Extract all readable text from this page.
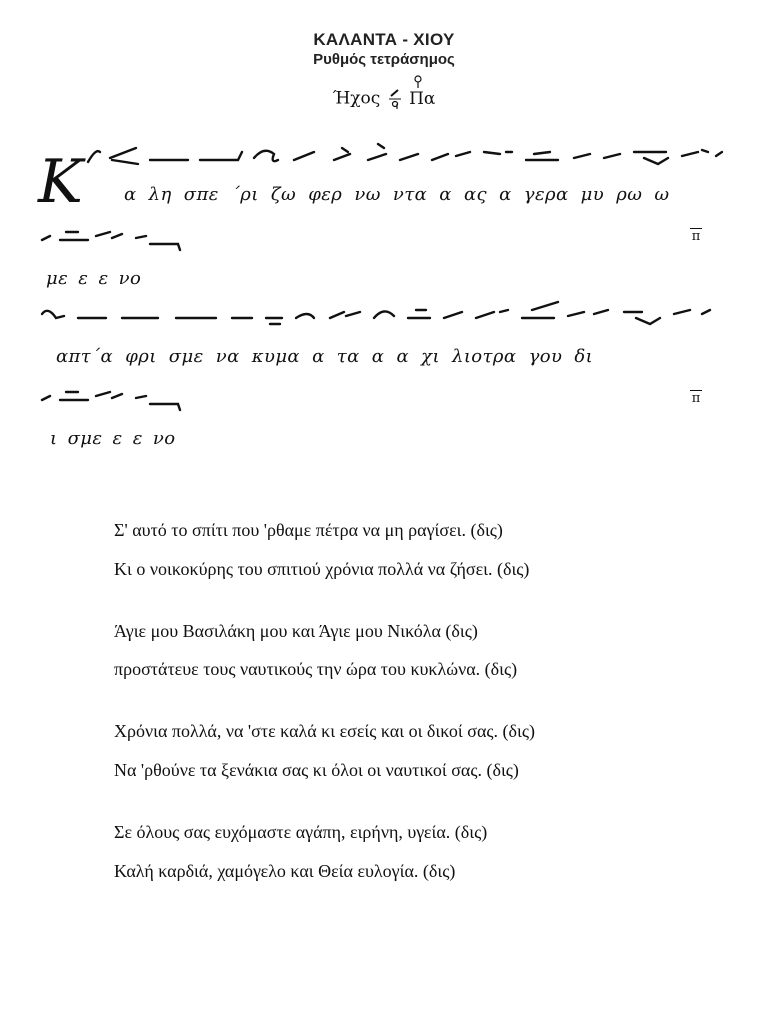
ΚΑΛΑΝΤΑ - ΧΙΟΥ
Ρυθμός τετράσημος
Ήχος Πα
Κ α λη σπε ΄ρι ζω φερ νω ντα α ας α γερα μυ ρω ω
π
με ε ε νο
απτ΄α φρι σμε να κυμα α τα α α χι λιοτρα γου δι
π
ι σμε ε ε νο
Σ' αυτό το σπίτι που 'ρθαμε πέτρα να μη ραγίσει. (δις)
Κι ο νοικοκύρης του σπιτιού χρόνια πολλά να ζήσει. (δις)
Άγιε μου Βασιλάκη μου και Άγιε μου Νικόλα (δις)
προστάτευε τους ναυτικούς την ώρα του κυκλώνα. (δις)
Χρόνια πολλά, να 'στε καλά κι εσείς και οι δικοί σας. (δις)
Να 'ρθούνε τα ξενάκια σας κι όλοι οι ναυτικοί σας. (δις)
Σε όλους σας ευχόμαστε αγάπη, ειρήνη, υγεία. (δις)
Καλή καρδιά, χαμόγελο και Θεία ευλογία. (δις)
